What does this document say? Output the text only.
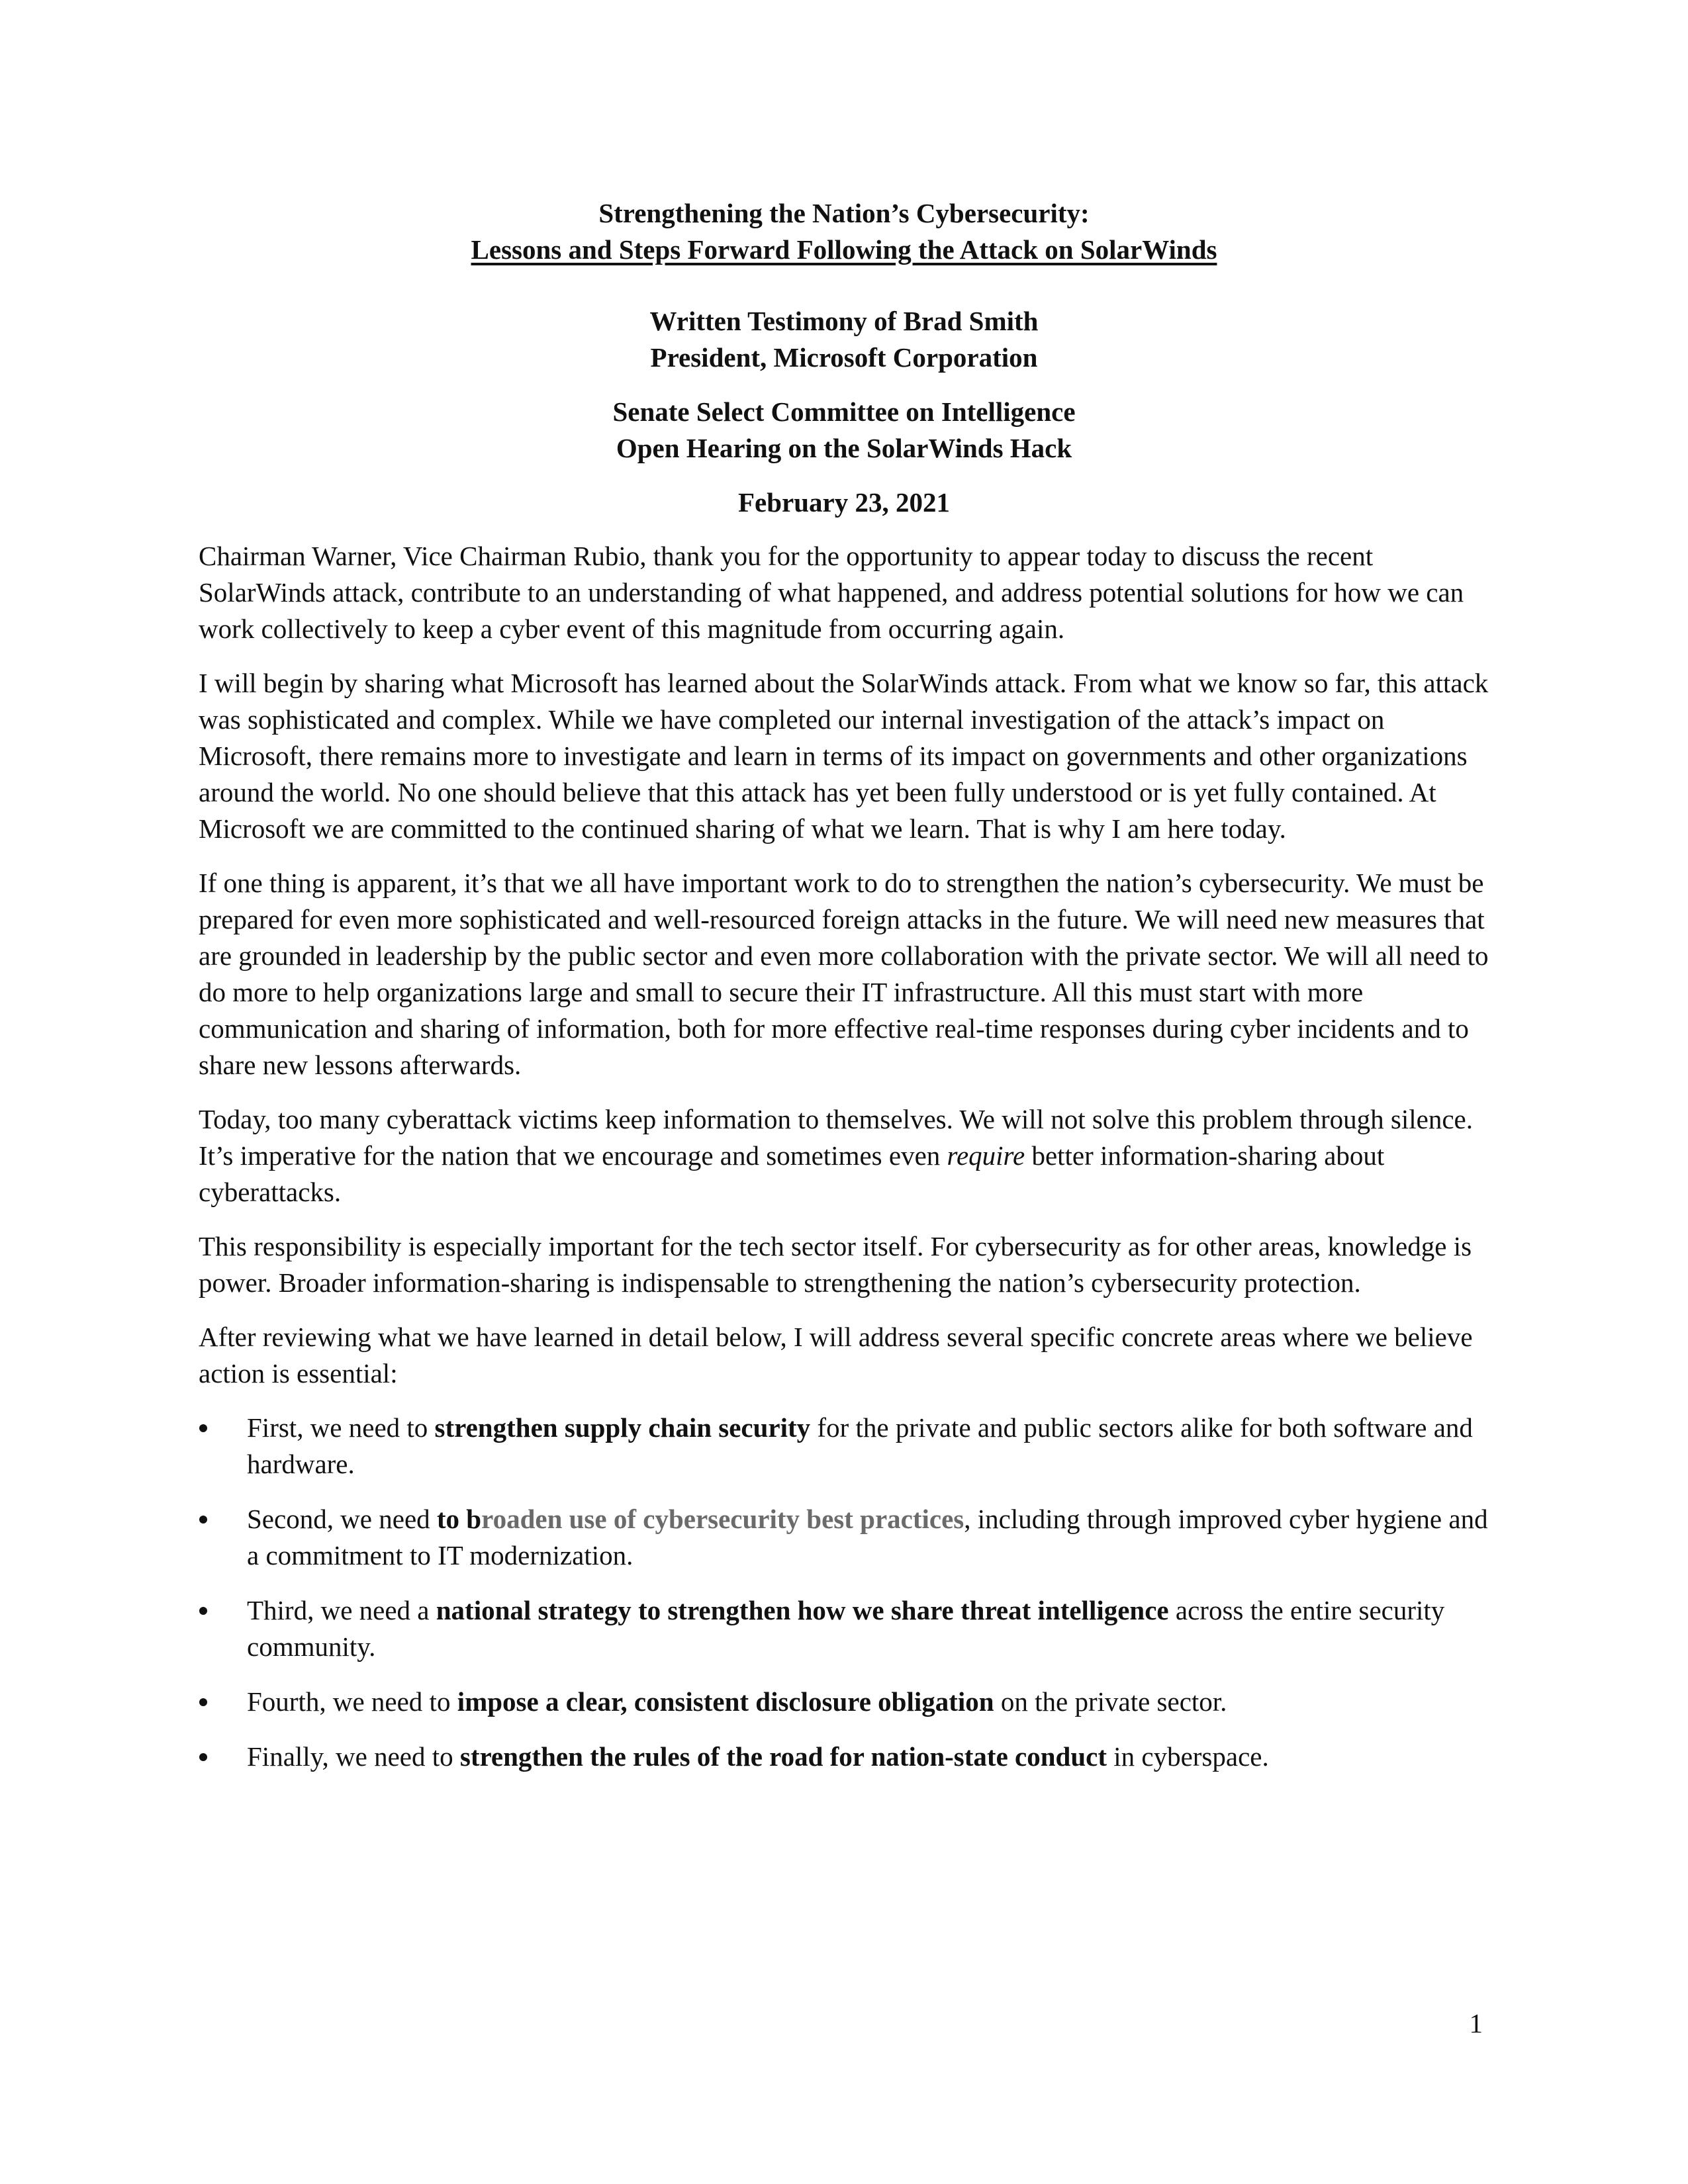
Strengthening the Nation’s Cybersecurity:

Lessons and Steps Forward Following the Attack on SolarWinds

Written Testimony of Brad Smith

President, Microsoft Corporation

Senate Select Committee on Intelligence

Open Hearing on the SolarWinds Hack

February 23, 2021

Chairman Warner, Vice Chairman Rubio, thank you for the opportunity to appear today to discuss the recent SolarWinds attack, contribute to an understanding of what happened, and address potential solutions for how we can work collectively to keep a cyber event of this magnitude from occurring again.

I will begin by sharing what Microsoft has learned about the SolarWinds attack. From what we know so far, this attack was sophisticated and complex. While we have completed our internal investigation of the attack’s impact on Microsoft, there remains more to investigate and learn in terms of its impact on governments and other organizations around the world. No one should believe that this attack has yet been fully understood or is yet fully contained. At Microsoft we are committed to the continued sharing of what we learn. That is why I am here today.

If one thing is apparent, it’s that we all have important work to do to strengthen the nation’s cybersecurity. We must be prepared for even more sophisticated and well-resourced foreign attacks in the future. We will need new measures that are grounded in leadership by the public sector and even more collaboration with the private sector. We will all need to do more to help organizations large and small to secure their IT infrastructure. All this must start with more communication and sharing of information, both for more effective real-time responses during cyber incidents and to share new lessons afterwards.

Today, too many cyberattack victims keep information to themselves. We will not solve this problem through silence. It’s imperative for the nation that we encourage and sometimes even require better information-sharing about cyberattacks.

This responsibility is especially important for the tech sector itself. For cybersecurity as for other areas, knowledge is power. Broader information-sharing is indispensable to strengthening the nation’s cybersecurity protection.

After reviewing what we have learned in detail below, I will address several specific concrete areas where we believe action is essential:

First, we need to strengthen supply chain security for the private and public sectors alike for both software and hardware.
Second, we need to broaden use of cybersecurity best practices, including through improved cyber hygiene and a commitment to IT modernization.
Third, we need a national strategy to strengthen how we share threat intelligence across the entire security community.
Fourth, we need to impose a clear, consistent disclosure obligation on the private sector.
Finally, we need to strengthen the rules of the road for nation-state conduct in cyberspace.
1
